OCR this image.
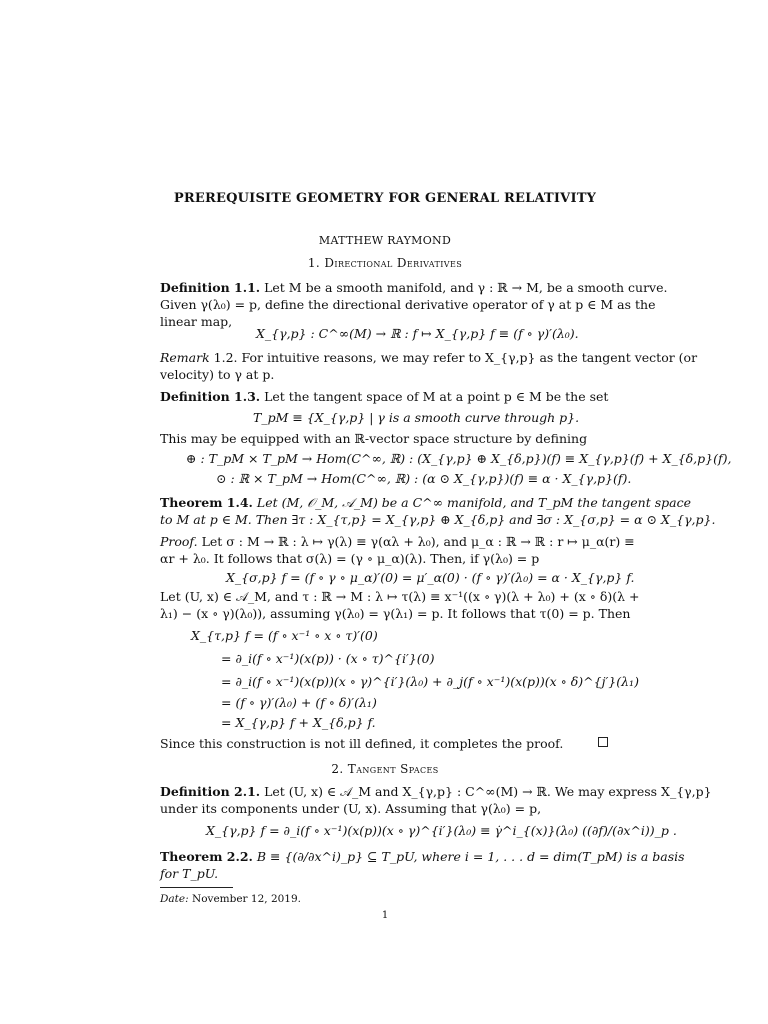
PREREQUISITE GEOMETRY FOR GENERAL RELATIVITY
MATTHEW RAYMOND
1. Directional Derivatives
Definition 1.1. Let M be a smooth manifold, and γ : ℝ → M, be a smooth curve.
Given γ(λ₀) = p, define the directional derivative operator of γ at p ∈ M as the
linear map,
X_{γ,p} : C^∞(M) → ℝ : f ↦ X_{γ,p} f ≡ (f ∘ γ)′(λ₀).
Remark 1.2. For intuitive reasons, we may refer to X_{γ,p} as the tangent vector (or
velocity) to γ at p.
Definition 1.3. Let the tangent space of M at a point p ∈ M be the set
T_pM ≡ {X_{γ,p} | γ is a smooth curve through p}.
This may be equipped with an ℝ-vector space structure by defining
⊕ : T_pM × T_pM → Hom(C^∞, ℝ) : (X_{γ,p} ⊕ X_{δ,p})(f) ≡ X_{γ,p}(f) + X_{δ,p}(f),
⊙ : ℝ × T_pM → Hom(C^∞, ℝ) : (α ⊙ X_{γ,p})(f) ≡ α · X_{γ,p}(f).
Theorem 1.4. Let (M, 𝒪_M, 𝒜_M) be a C^∞ manifold, and T_pM the tangent space
to M at p ∈ M. Then ∃τ : X_{τ,p} = X_{γ,p} ⊕ X_{δ,p} and ∃σ : X_{σ,p} = α ⊙ X_{γ,p}.
Proof. Let σ : M → ℝ : λ ↦ γ(λ) ≡ γ(αλ + λ₀), and μ_α : ℝ → ℝ : r ↦ μ_α(r) ≡
αr + λ₀. It follows that σ(λ) = (γ ∘ μ_α)(λ). Then, if γ(λ₀) = p
X_{σ,p} f = (f ∘ γ ∘ μ_α)′(0) = μ′_α(0) · (f ∘ γ)′(λ₀) = α · X_{γ,p} f.
Let (U, x) ∈ 𝒜_M, and τ : ℝ → M : λ ↦ τ(λ) ≡ x⁻¹((x ∘ γ)(λ + λ₀) + (x ∘ δ)(λ +
λ₁) − (x ∘ γ)(λ₀)), assuming γ(λ₀) = γ(λ₁) = p. It follows that τ(0) = p. Then
X_{τ,p} f = (f ∘ x⁻¹ ∘ x ∘ τ)′(0)
= ∂_i(f ∘ x⁻¹)(x(p)) · (x ∘ τ)^{i′}(0)
= ∂_i(f ∘ x⁻¹)(x(p))(x ∘ γ)^{i′}(λ₀) + ∂_j(f ∘ x⁻¹)(x(p))(x ∘ δ)^{j′}(λ₁)
= (f ∘ γ)′(λ₀) + (f ∘ δ)′(λ₁)
= X_{γ,p} f + X_{δ,p} f.
Since this construction is not ill defined, it completes the proof.
2. Tangent Spaces
Definition 2.1. Let (U, x) ∈ 𝒜_M and X_{γ,p} : C^∞(M) → ℝ. We may express X_{γ,p}
under its components under (U, x). Assuming that γ(λ₀) = p,
X_{γ,p} f = ∂_i(f ∘ x⁻¹)(x(p))(x ∘ γ)^{i′}(λ₀) ≡ γ̇^i_{(x)}(λ₀) ((∂f)/(∂x^i))_p .
Theorem 2.2. B ≡ {(∂/∂x^i)_p} ⊆ T_pU, where i = 1, . . . d = dim(T_pM) is a basis
for T_pU.
Date: November 12, 2019.
1
